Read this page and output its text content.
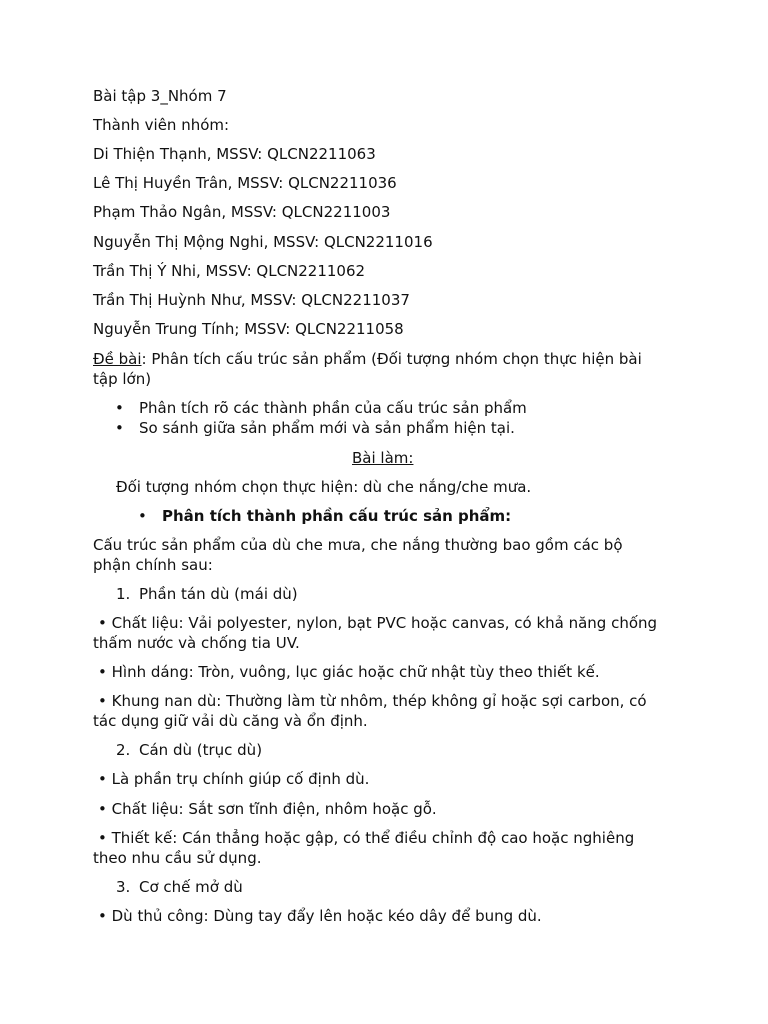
Bài tập 3_Nhóm 7
Thành viên nhóm:
Di Thiện Thạnh, MSSV: QLCN2211063
Lê Thị Huyền Trân, MSSV: QLCN2211036
Phạm Thảo Ngân, MSSV: QLCN2211003
Nguyễn Thị Mộng Nghi, MSSV: QLCN2211016
Trần Thị Ý Nhi, MSSV: QLCN2211062
Trần Thị Huỳnh Như, MSSV: QLCN2211037
Nguyễn Trung Tính; MSSV: QLCN2211058
Đề bài: Phân tích cấu trúc sản phẩm (Đối tượng nhóm chọn thực hiện bài
tập lớn)
• Phân tích rõ các thành phần của cấu trúc sản phẩm
• So sánh giữa sản phẩm mới và sản phẩm hiện tại.
Bài làm:
Đối tượng nhóm chọn thực hiện: dù che nắng/che mưa.
• Phân tích thành phần cấu trúc sản phẩm:
Cấu trúc sản phẩm của dù che mưa, che nắng thường bao gồm các bộ
phận chính sau:
1. Phần tán dù (mái dù)
• Chất liệu: Vải polyester, nylon, bạt PVC hoặc canvas, có khả năng chống
thấm nước và chống tia UV.
• Hình dáng: Tròn, vuông, lục giác hoặc chữ nhật tùy theo thiết kế.
• Khung nan dù: Thường làm từ nhôm, thép không gỉ hoặc sợi carbon, có
tác dụng giữ vải dù căng và ổn định.
2. Cán dù (trục dù)
• Là phần trụ chính giúp cố định dù.
• Chất liệu: Sắt sơn tĩnh điện, nhôm hoặc gỗ.
• Thiết kế: Cán thẳng hoặc gập, có thể điều chỉnh độ cao hoặc nghiêng
theo nhu cầu sử dụng.
3. Cơ chế mở dù
• Dù thủ công: Dùng tay đẩy lên hoặc kéo dây để bung dù.
